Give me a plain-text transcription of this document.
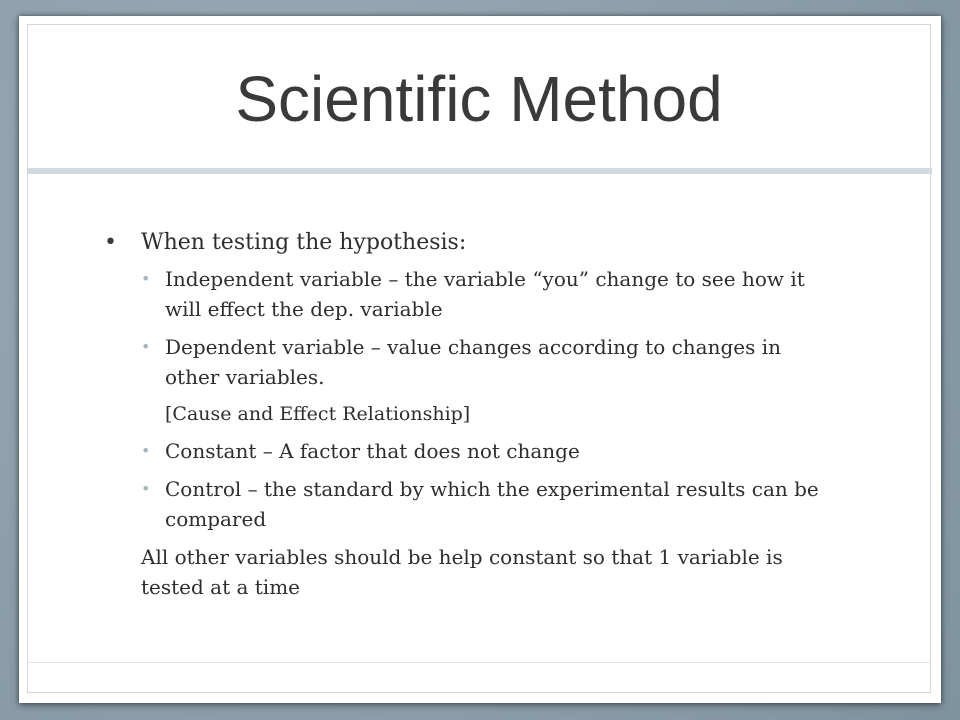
Scientific Method
• When testing the hypothesis:
• Independent variable – the variable “you” change to see how it will effect the dep. variable
• Dependent variable – value changes according to changes in other variables.
[Cause and Effect Relationship]
• Constant – A factor that does not change
• Control – the standard by which the experimental results can be compared
All other variables should be help constant so that 1 variable is tested at a time
